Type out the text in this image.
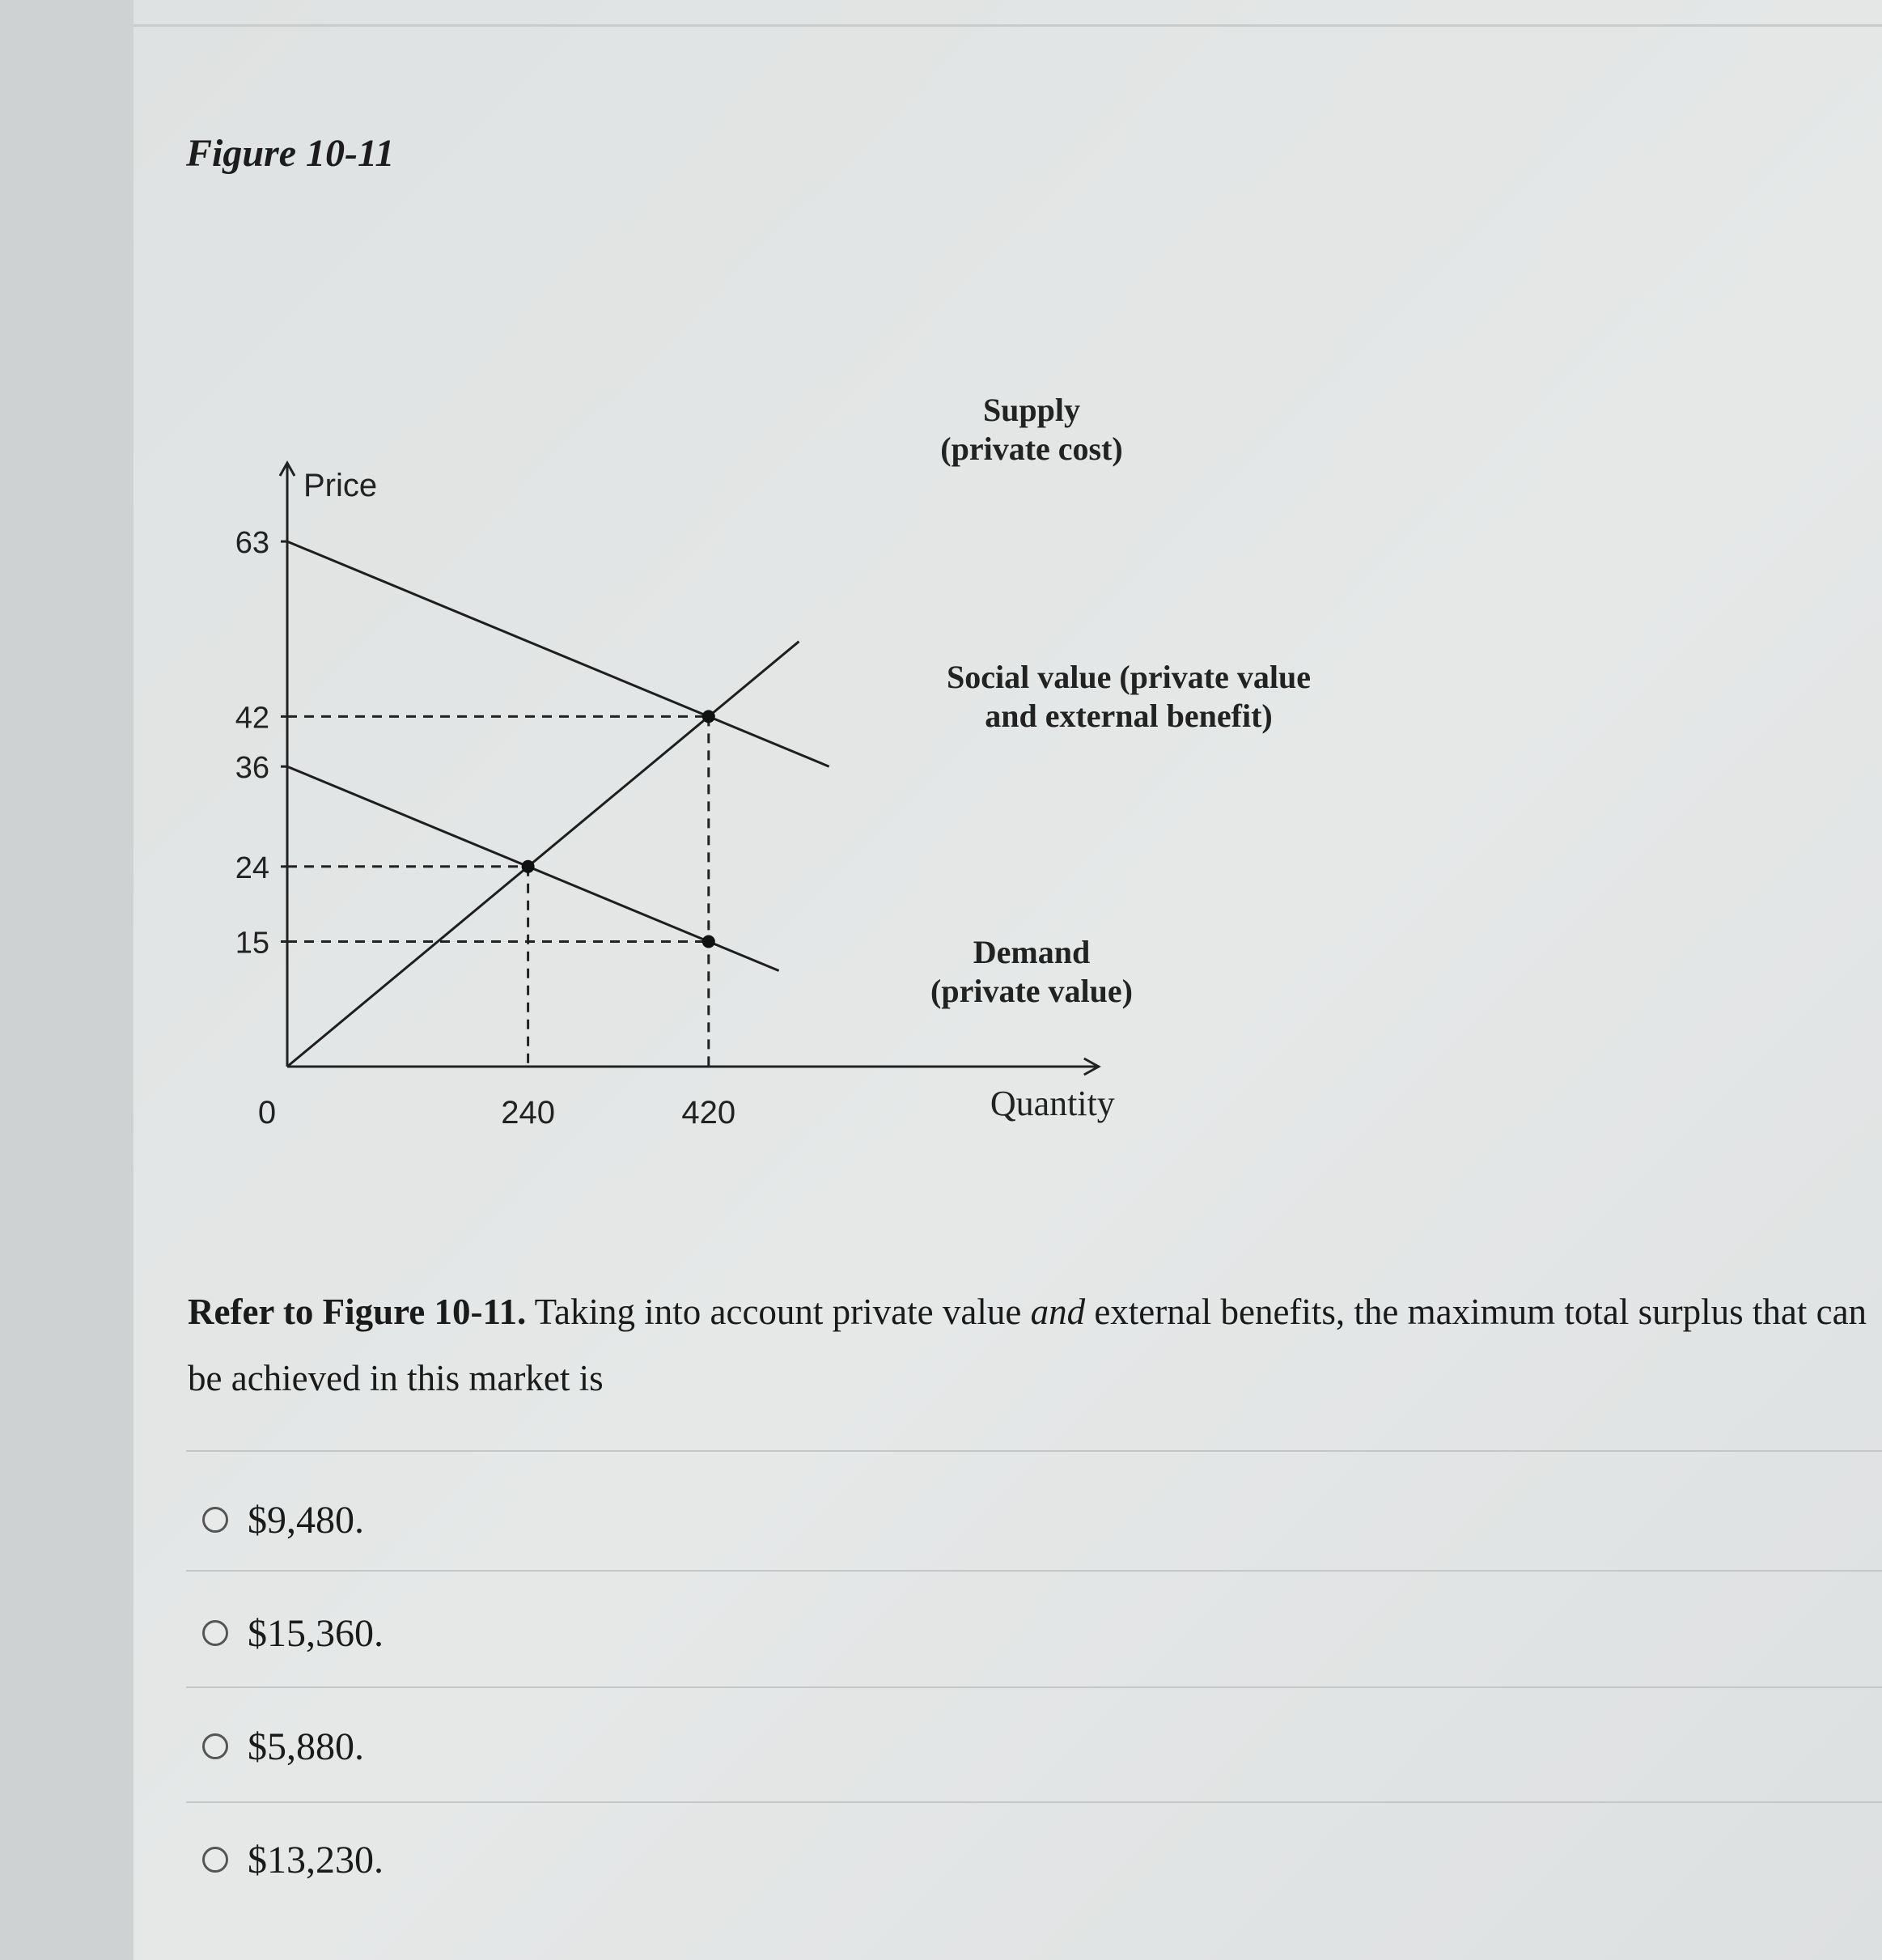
Figure 10-11
63
42
36
24
15
0	240	420
Price
Quantity
Supply
(private cost)
Social value (private value
and external benefit)
Demand
(private value)
Refer to Figure 10-11. Taking into account private value and external benefits, the maximum total surplus that can be achieved in this market is
$9,480.
$15,360.
$5,880.
$13,230.
